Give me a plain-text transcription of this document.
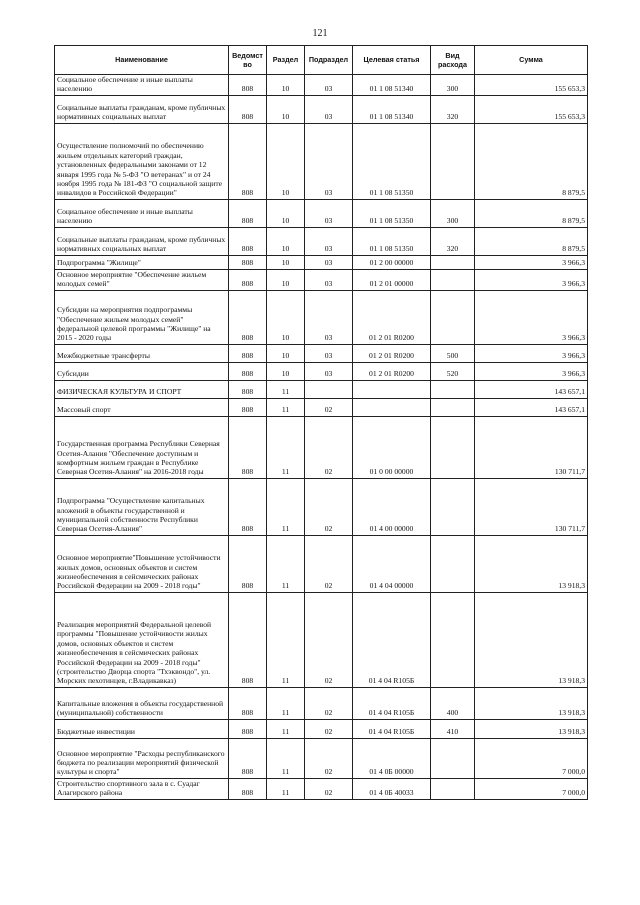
121
Наименование	Ведомст во	Раздел	Подраздел	Целевая статья	Вид расхода	Сумма
Социальное обеспечение и иные выплаты населению	808	10	03	01 1 08 51340	300	155 653,3
Социальные выплаты гражданам, кроме публичных нормативных социальных выплат	808	10	03	01 1 08 51340	320	155 653,3
Осуществление полномочий по обеспечению жильем отдельных категорий граждан, установленных федеральными законами от 12 января 1995 года № 5-ФЗ "О ветеранах" и от 24 ноября 1995 года № 181-ФЗ "О социальной защите инвалидов в Российской Федерации"	808	10	03	01 1 08 51350		8 879,5
Социальное обеспечение и иные выплаты населению	808	10	03	01 1 08 51350	300	8 879,5
Социальные выплаты гражданам, кроме публичных нормативных социальных выплат	808	10	03	01 1 08 51350	320	8 879,5
Подпрограмма "Жилище"	808	10	03	01 2 00 00000		3 966,3
Основное мероприятие "Обеспечение жильем молодых семей"	808	10	03	01 2 01 00000		3 966,3
Субсидии на мероприятия подпрограммы "Обеспечение жильем молодых семей" федеральной целевой программы "Жилище" на 2015 - 2020 годы	808	10	03	01 2 01 R0200		3 966,3
Межбюджетные трансферты	808	10	03	01 2 01 R0200	500	3 966,3
Субсидии	808	10	03	01 2 01 R0200	520	3 966,3
ФИЗИЧЕСКАЯ КУЛЬТУРА И СПОРТ	808	11				143 657,1
Массовый спорт	808	11	02			143 657,1
Государственная программа Республики Северная Осетия-Алания "Обеспечение доступным и комфортным жильем граждан в Республике Северная Осетия-Алания" на 2016-2018 годы	808	11	02	01 0 00 00000		130 711,7
Подпрограмма "Осуществление капитальных вложений в объекты государственной и муниципальной собственности Республики Северная Осетия-Алания"	808	11	02	01 4 00 00000		130 711,7
Основное мероприятие"Повышение устойчивости жилых домов, основных объектов и систем жизнеобеспечения в сейсмических районах Российской Федерации на 2009 - 2018 годы"	808	11	02	01 4 04 00000		13 918,3
Реализация мероприятий Федеральной целевой программы "Повышение устойчивости жилых домов, основных объектов и систем жизнеобеспечения в сейсмических районах Российской Федерации на 2009 - 2018 годы" (строительство Дворца спорта "Тхэквондо", ул. Морских пехотинцев, г.Владикавказ)	808	11	02	01 4 04 R105Б		13 918,3
Капитальные вложения в объекты государственной (муниципальной) собственности	808	11	02	01 4 04 R105Б	400	13 918,3
Бюджетные инвестиции	808	11	02	01 4 04 R105Б	410	13 918,3
Основное мероприятие "Расходы республиканского бюджета по реализации мероприятий физической культуры и спорта"	808	11	02	01 4 0Б 00000		7 000,0
Строительство спортивного зала в с. Суадаг Алагирского района	808	11	02	01 4 0Б 40033		7 000,0
